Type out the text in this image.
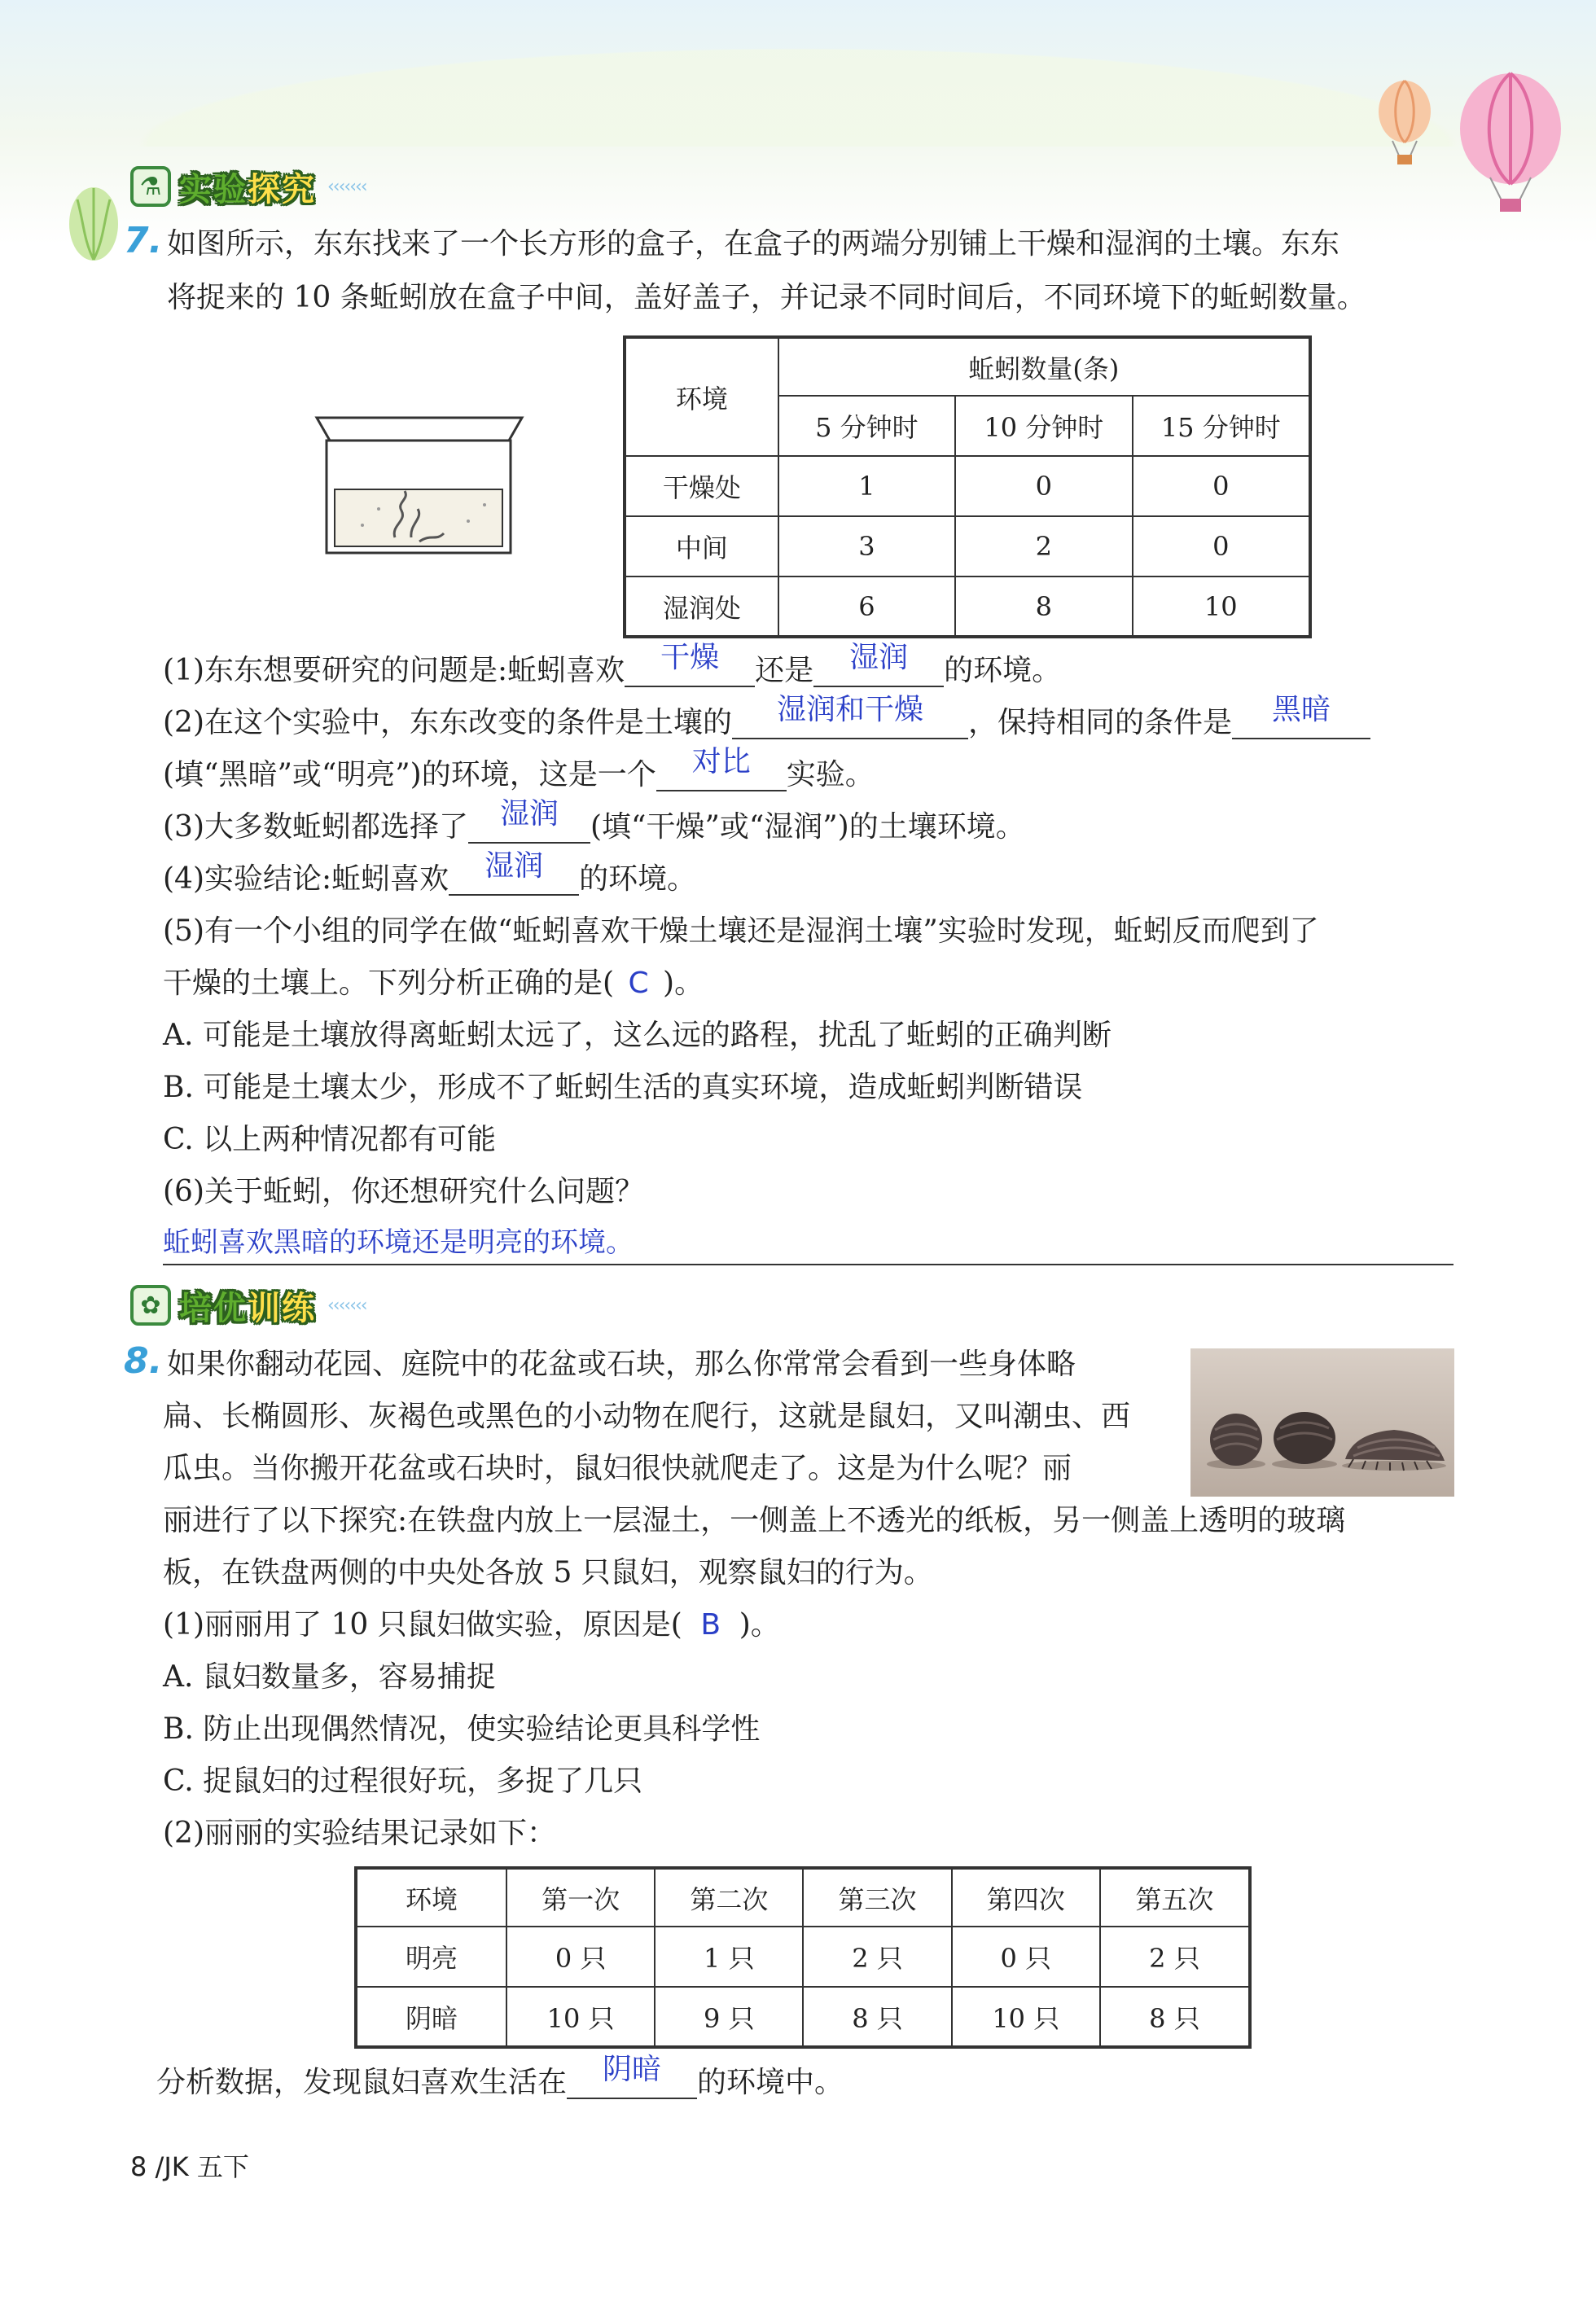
⚗ 实验探究 ‹‹‹‹‹‹‹
7. 如图所示，东东找来了一个长方形的盒子，在盒子的两端分别铺上干燥和湿润的土壤。东东
将捉来的 10 条蚯蚓放在盒子中间，盖好盖子，并记录不同时间后，不同环境下的蚯蚓数量。
环境	蚯蚓数量(条)		
	5 分钟时	10 分钟时	15 分钟时
干燥处	1	0	0
中间	3	2	0
湿润处	6	8	10
(1)东东想要研究的问题是:蚯蚓喜欢 干燥 还是 湿润 的环境。
(2)在这个实验中，东东改变的条件是土壤的 湿润和干燥 ，保持相同的条件是 黑暗
(填“黑暗”或“明亮”)的环境，这是一个 对比 实验。
(3)大多数蚯蚓都选择了 湿润 (填“干燥”或“湿润”)的土壤环境。
(4)实验结论:蚯蚓喜欢 湿润 的环境。
(5)有一个小组的同学在做“蚯蚓喜欢干燥土壤还是湿润土壤”实验时发现，蚯蚓反而爬到了
干燥的土壤上。下列分析正确的是( C )。
A. 可能是土壤放得离蚯蚓太远了，这么远的路程，扰乱了蚯蚓的正确判断
B. 可能是土壤太少，形成不了蚯蚓生活的真实环境，造成蚯蚓判断错误
C. 以上两种情况都有可能
(6)关于蚯蚓，你还想研究什么问题？
蚯蚓喜欢黑暗的环境还是明亮的环境。
✿ 培优训练 ‹‹‹‹‹‹‹
8. 如果你翻动花园、庭院中的花盆或石块，那么你常常会看到一些身体略
扁、长椭圆形、灰褐色或黑色的小动物在爬行，这就是鼠妇，又叫潮虫、西
瓜虫。当你搬开花盆或石块时，鼠妇很快就爬走了。这是为什么呢？丽
丽进行了以下探究:在铁盘内放上一层湿土，一侧盖上不透光的纸板，另一侧盖上透明的玻璃
板，在铁盘两侧的中央处各放 5 只鼠妇，观察鼠妇的行为。
(1)丽丽用了 10 只鼠妇做实验，原因是( B )。
A. 鼠妇数量多，容易捕捉
B. 防止出现偶然情况，使实验结论更具科学性
C. 捉鼠妇的过程很好玩，多捉了几只
(2)丽丽的实验结果记录如下：
环境	第一次	第二次	第三次	第四次	第五次
明亮	0 只	1 只	2 只	0 只	2 只
阴暗	10 只	9 只	8 只	10 只	8 只
分析数据，发现鼠妇喜欢生活在 阴暗 的环境中。
8 /JK 五下
